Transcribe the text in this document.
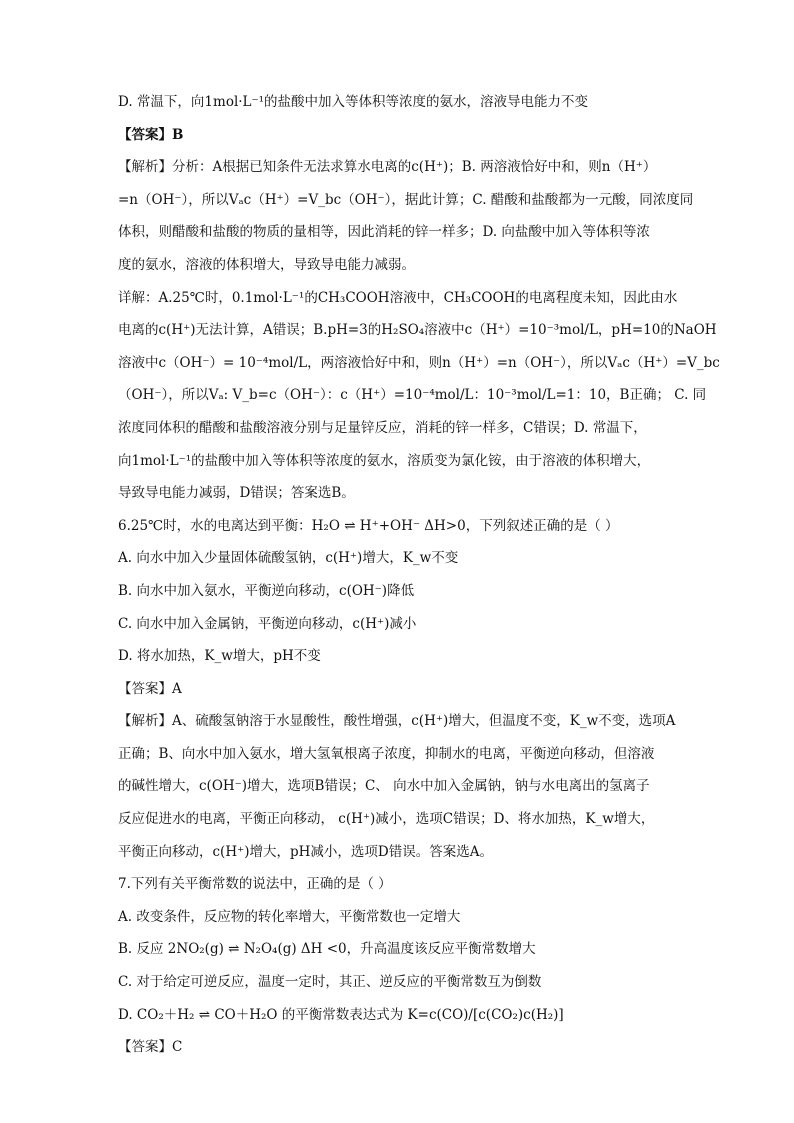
D. 常温下，向1mol·L⁻¹的盐酸中加入等体积等浓度的氨水，溶液导电能力不变

【答案】B

【解析】分析：A根据已知条件无法求算水电离的c(H⁺)；B. 两溶液恰好中和，则n（H⁺）

=n（OH⁻），所以Vₐc（H⁺）=V_bc（OH⁻），据此计算；C. 醋酸和盐酸都为一元酸，同浓度同

体积，则醋酸和盐酸的物质的量相等，因此消耗的锌一样多；D. 向盐酸中加入等体积等浓

度的氨水，溶液的体积增大，导致导电能力减弱。

详解：A.25℃时，0.1mol·L⁻¹的CH₃COOH溶液中，CH₃COOH的电离程度未知，因此由水

电离的c(H⁺)无法计算，A错误；B.pH=3的H₂SO₄溶液中c（H⁺）=10⁻³mol/L，pH=10的NaOH

溶液中c（OH⁻）= 10⁻⁴mol/L，两溶液恰好中和，则n（H⁺）=n（OH⁻），所以Vₐc（H⁺）=V_bc

（OH⁻），所以Vₐ: V_b=c（OH⁻）：c（H⁺）=10⁻⁴mol/L：10⁻³mol/L=1：10，B正确； C. 同

浓度同体积的醋酸和盐酸溶液分别与足量锌反应，消耗的锌一样多，C错误；D. 常温下，

向1mol·L⁻¹的盐酸中加入等体积等浓度的氨水，溶质变为氯化铵，由于溶液的体积增大，

导致导电能力减弱，D错误；答案选B。

6.25℃时，水的电离达到平衡：H₂O ⇌ H⁺+OH⁻ ΔH>0，下列叙述正确的是（ ）

A. 向水中加入少量固体硫酸氢钠，c(H⁺)增大，K_w不变

B. 向水中加入氨水，平衡逆向移动，c(OH⁻)降低

C. 向水中加入金属钠，平衡逆向移动，c(H⁺)减小

D. 将水加热，K_w增大，pH不变

【答案】A

【解析】A、硫酸氢钠溶于水显酸性，酸性增强，c(H⁺)增大，但温度不变，K_w不变，选项A

正确；B、向水中加入氨水，增大氢氧根离子浓度，抑制水的电离，平衡逆向移动，但溶液

的碱性增大，c(OH⁻)增大，选项B错误；C、 向水中加入金属钠，钠与水电离出的氢离子

反应促进水的电离，平衡正向移动， c(H⁺)减小，选项C错误；D、将水加热，K_w增大，

平衡正向移动，c(H⁺)增大，pH减小，选项D错误。答案选A。

7.下列有关平衡常数的说法中，正确的是（ ）

A. 改变条件，反应物的转化率增大，平衡常数也一定增大

B. 反应 2NO₂(g) ⇌ N₂O₄(g) ΔH <0，升高温度该反应平衡常数增大

C. 对于给定可逆反应，温度一定时，其正、逆反应的平衡常数互为倒数

D. CO₂＋H₂ ⇌ CO＋H₂O 的平衡常数表达式为 K=c(CO)/[c(CO₂)c(H₂)]

【答案】C
